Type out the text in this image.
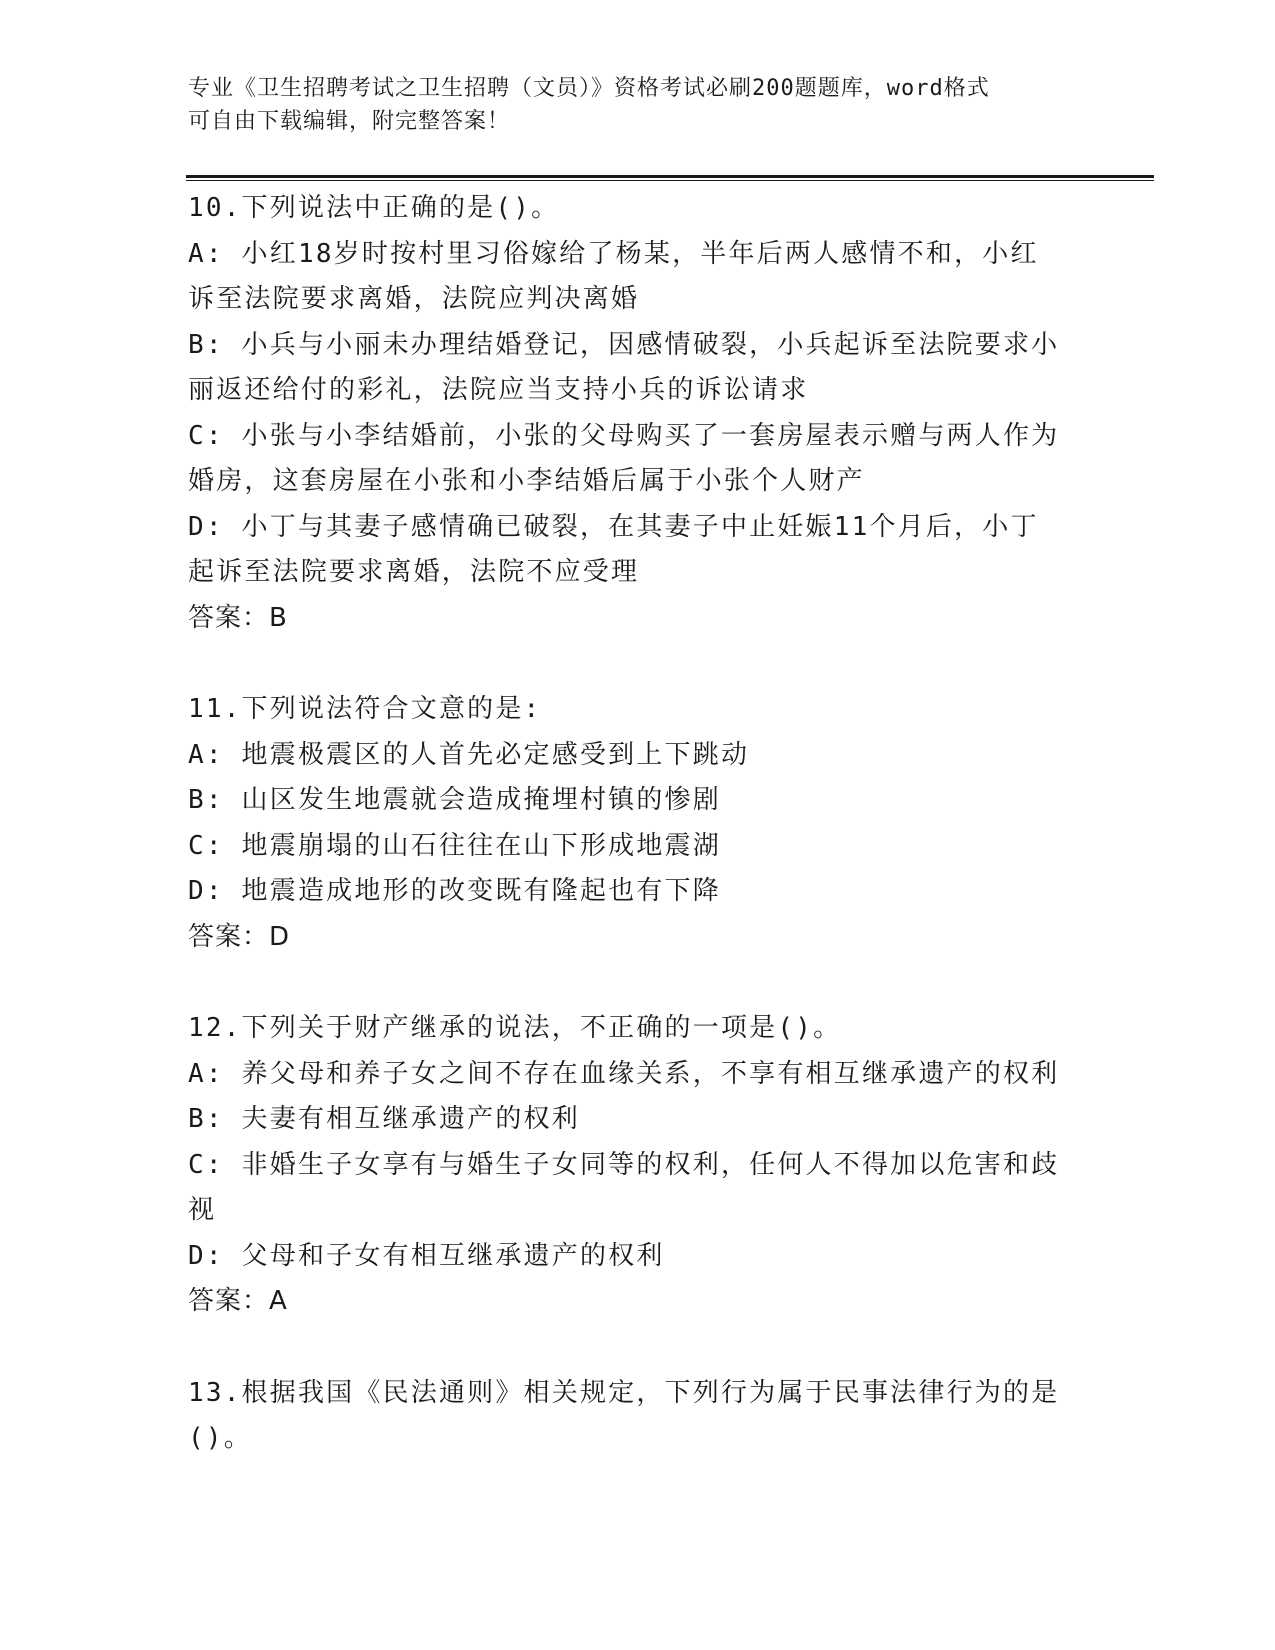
专业《卫生招聘考试之卫生招聘（文员）》资格考试必刷200题题库，word格式
可自由下载编辑，附完整答案！
10.下列说法中正确的是()。
A: 小红18岁时按村里习俗嫁给了杨某，半年后两人感情不和，小红
诉至法院要求离婚，法院应判决离婚
B: 小兵与小丽未办理结婚登记，因感情破裂，小兵起诉至法院要求小
丽返还给付的彩礼，法院应当支持小兵的诉讼请求
C: 小张与小李结婚前，小张的父母购买了一套房屋表示赠与两人作为
婚房，这套房屋在小张和小李结婚后属于小张个人财产
D: 小丁与其妻子感情确已破裂，在其妻子中止妊娠11个月后，小丁
起诉至法院要求离婚，法院不应受理
答案：B
11.下列说法符合文意的是:
A: 地震极震区的人首先必定感受到上下跳动
B: 山区发生地震就会造成掩埋村镇的惨剧
C: 地震崩塌的山石往往在山下形成地震湖
D: 地震造成地形的改变既有隆起也有下降
答案：D
12.下列关于财产继承的说法，不正确的一项是()。
A: 养父母和养子女之间不存在血缘关系，不享有相互继承遗产的权利
B: 夫妻有相互继承遗产的权利
C: 非婚生子女享有与婚生子女同等的权利，任何人不得加以危害和歧
视
D: 父母和子女有相互继承遗产的权利
答案：A
13.根据我国《民法通则》相关规定，下列行为属于民事法律行为的是
()。
